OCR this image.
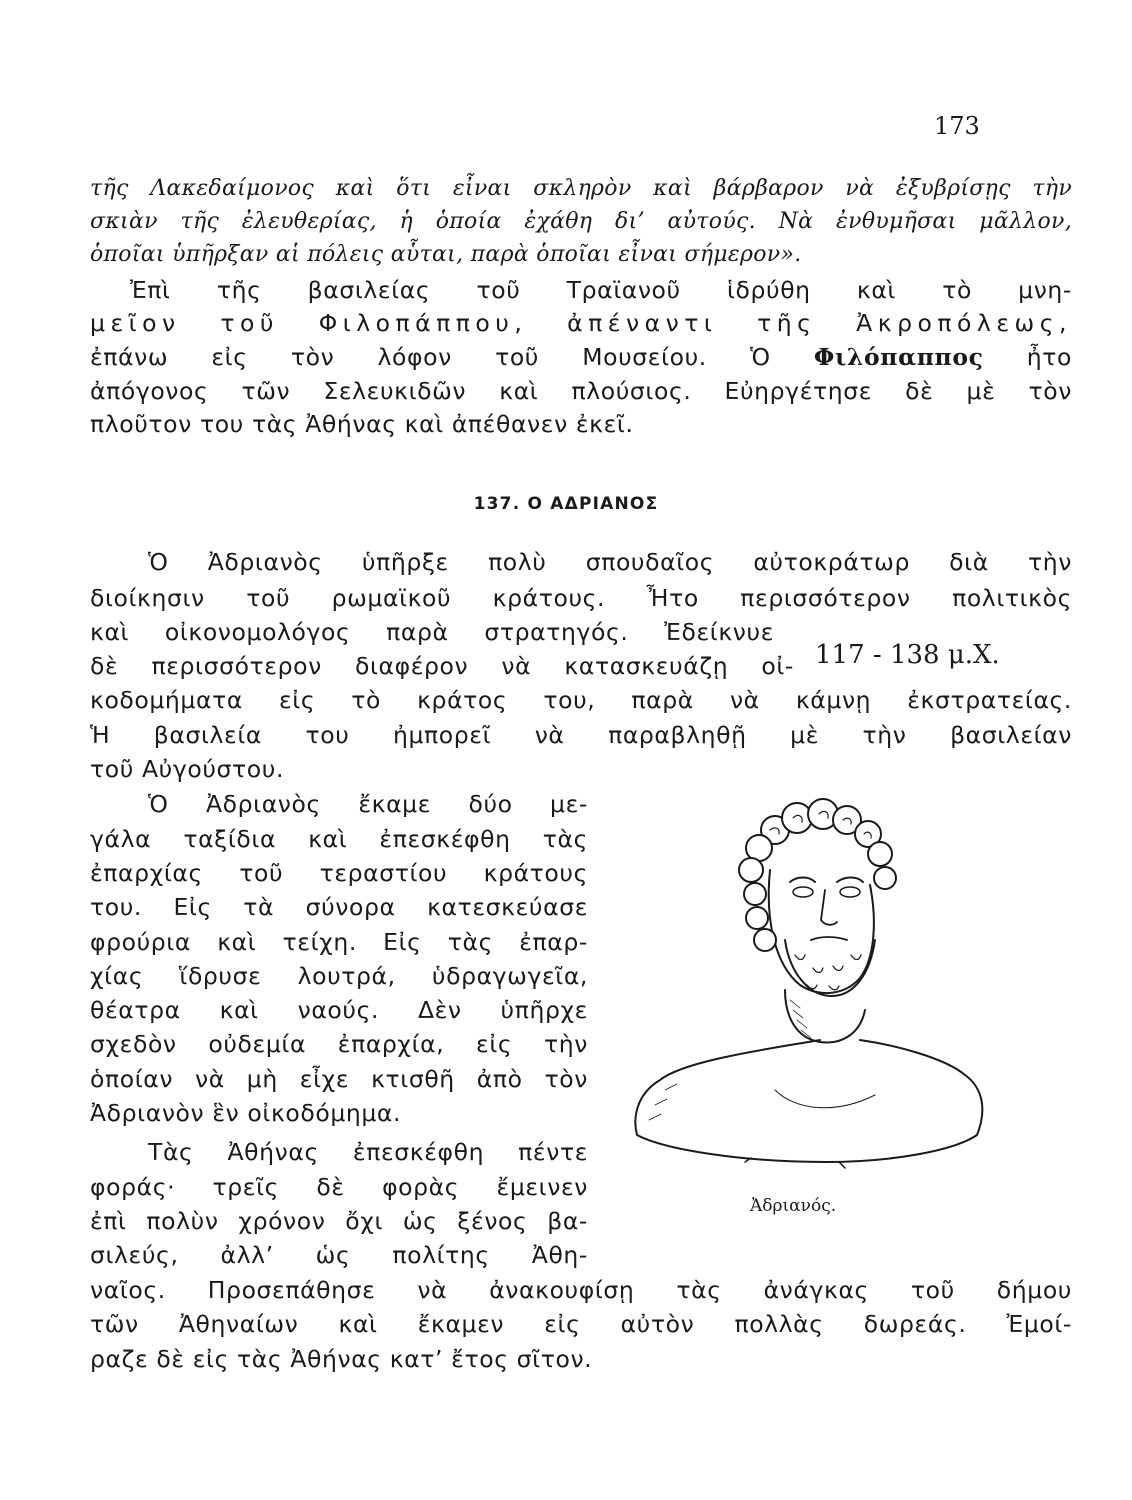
173

τῆς Λακεδαίμονος καὶ ὅτι εἶναι σκληρὸν καὶ βάρβαρον νὰ ἐξυβρίσῃς τὴν

σκιὰν τῆς ἐλευθερίας, ἡ ὁποία ἐχάθη δι’ αὐτούς. Νὰ ἐνθυμῆσαι μᾶλλον,

ὁποῖαι ὑπῆρξαν αἱ πόλεις αὗται, παρὰ ὁποῖαι εἶναι σήμερον».

Ἐπὶ τῆς βασιλείας τοῦ Τραϊανοῦ ἱδρύθη καὶ τὸ μνη-

μεῖον τοῦ Φιλοπάππου, ἀπέναντι τῆς Ἀκροπόλεως,

ἐπάνω εἰς τὸν λόφον τοῦ Μουσείου. Ὁ Φιλόπαππος ἦτο

ἀπόγονος τῶν Σελευκιδῶν καὶ πλούσιος. Εὐηργέτησε δὲ μὲ τὸν

πλοῦτον του τὰς Ἀθήνας καὶ ἀπέθανεν ἐκεῖ.

137. Ο ΑΔΡΙΑΝΟΣ

Ὁ Ἀδριανὸς ὑπῆρξε πολὺ σπουδαῖος αὐτοκράτωρ διὰ τὴν

διοίκησιν τοῦ ρωμαϊκοῦ κράτους. Ἦτο περισσότερον πολιτικὸς

καὶ οἰκονομολόγος παρὰ στρατηγός. Ἐδείκνυε

δὲ περισσότερον διαφέρον νὰ κατασκευάζῃ οἰ-

κοδομήματα εἰς τὸ κράτος του, παρὰ νὰ κάμνῃ ἐκστρατείας.

Ἡ βασιλεία του ἠμπορεῖ νὰ παραβληθῇ μὲ τὴν βασιλείαν

τοῦ Αὐγούστου.

117 - 138 μ.Χ.

Ὁ Ἀδριανὸς ἔκαμε δύο με-

γάλα ταξίδια καὶ ἐπεσκέφθη τὰς

ἐπαρχίας τοῦ τεραστίου κράτους

του. Εἰς τὰ σύνορα κατεσκεύασε

φρούρια καὶ τείχη. Εἰς τὰς ἐπαρ-

χίας ἵδρυσε λουτρά, ὑδραγωγεῖα,

θέατρα καὶ ναούς. Δὲν ὑπῆρχε

σχεδὸν οὐδεμία ἐπαρχία, εἰς τὴν

ὁποίαν νὰ μὴ εἶχε κτισθῆ ἀπὸ τὸν

Ἀδριανὸν ἓν οἰκοδόμημα.

Τὰς Ἀθήνας ἐπεσκέφθη πέντε

φοράς· τρεῖς δὲ φορὰς ἔμεινεν

ἐπὶ πολὺν χρόνον ὄχι ὡς ξένος βα-

σιλεύς, ἀλλ’ ὡς πολίτης Ἀθη-

ναῖος. Προσεπάθησε νὰ ἀνακουφίσῃ τὰς ἀνάγκας τοῦ δήμου

τῶν Ἀθηναίων καὶ ἔκαμεν εἰς αὐτὸν πολλὰς δωρεάς. Ἐμοί-

ραζε δὲ εἰς τὰς Ἀθήνας κατ’ ἔτος σῖτον.

Ἀδριανός.
